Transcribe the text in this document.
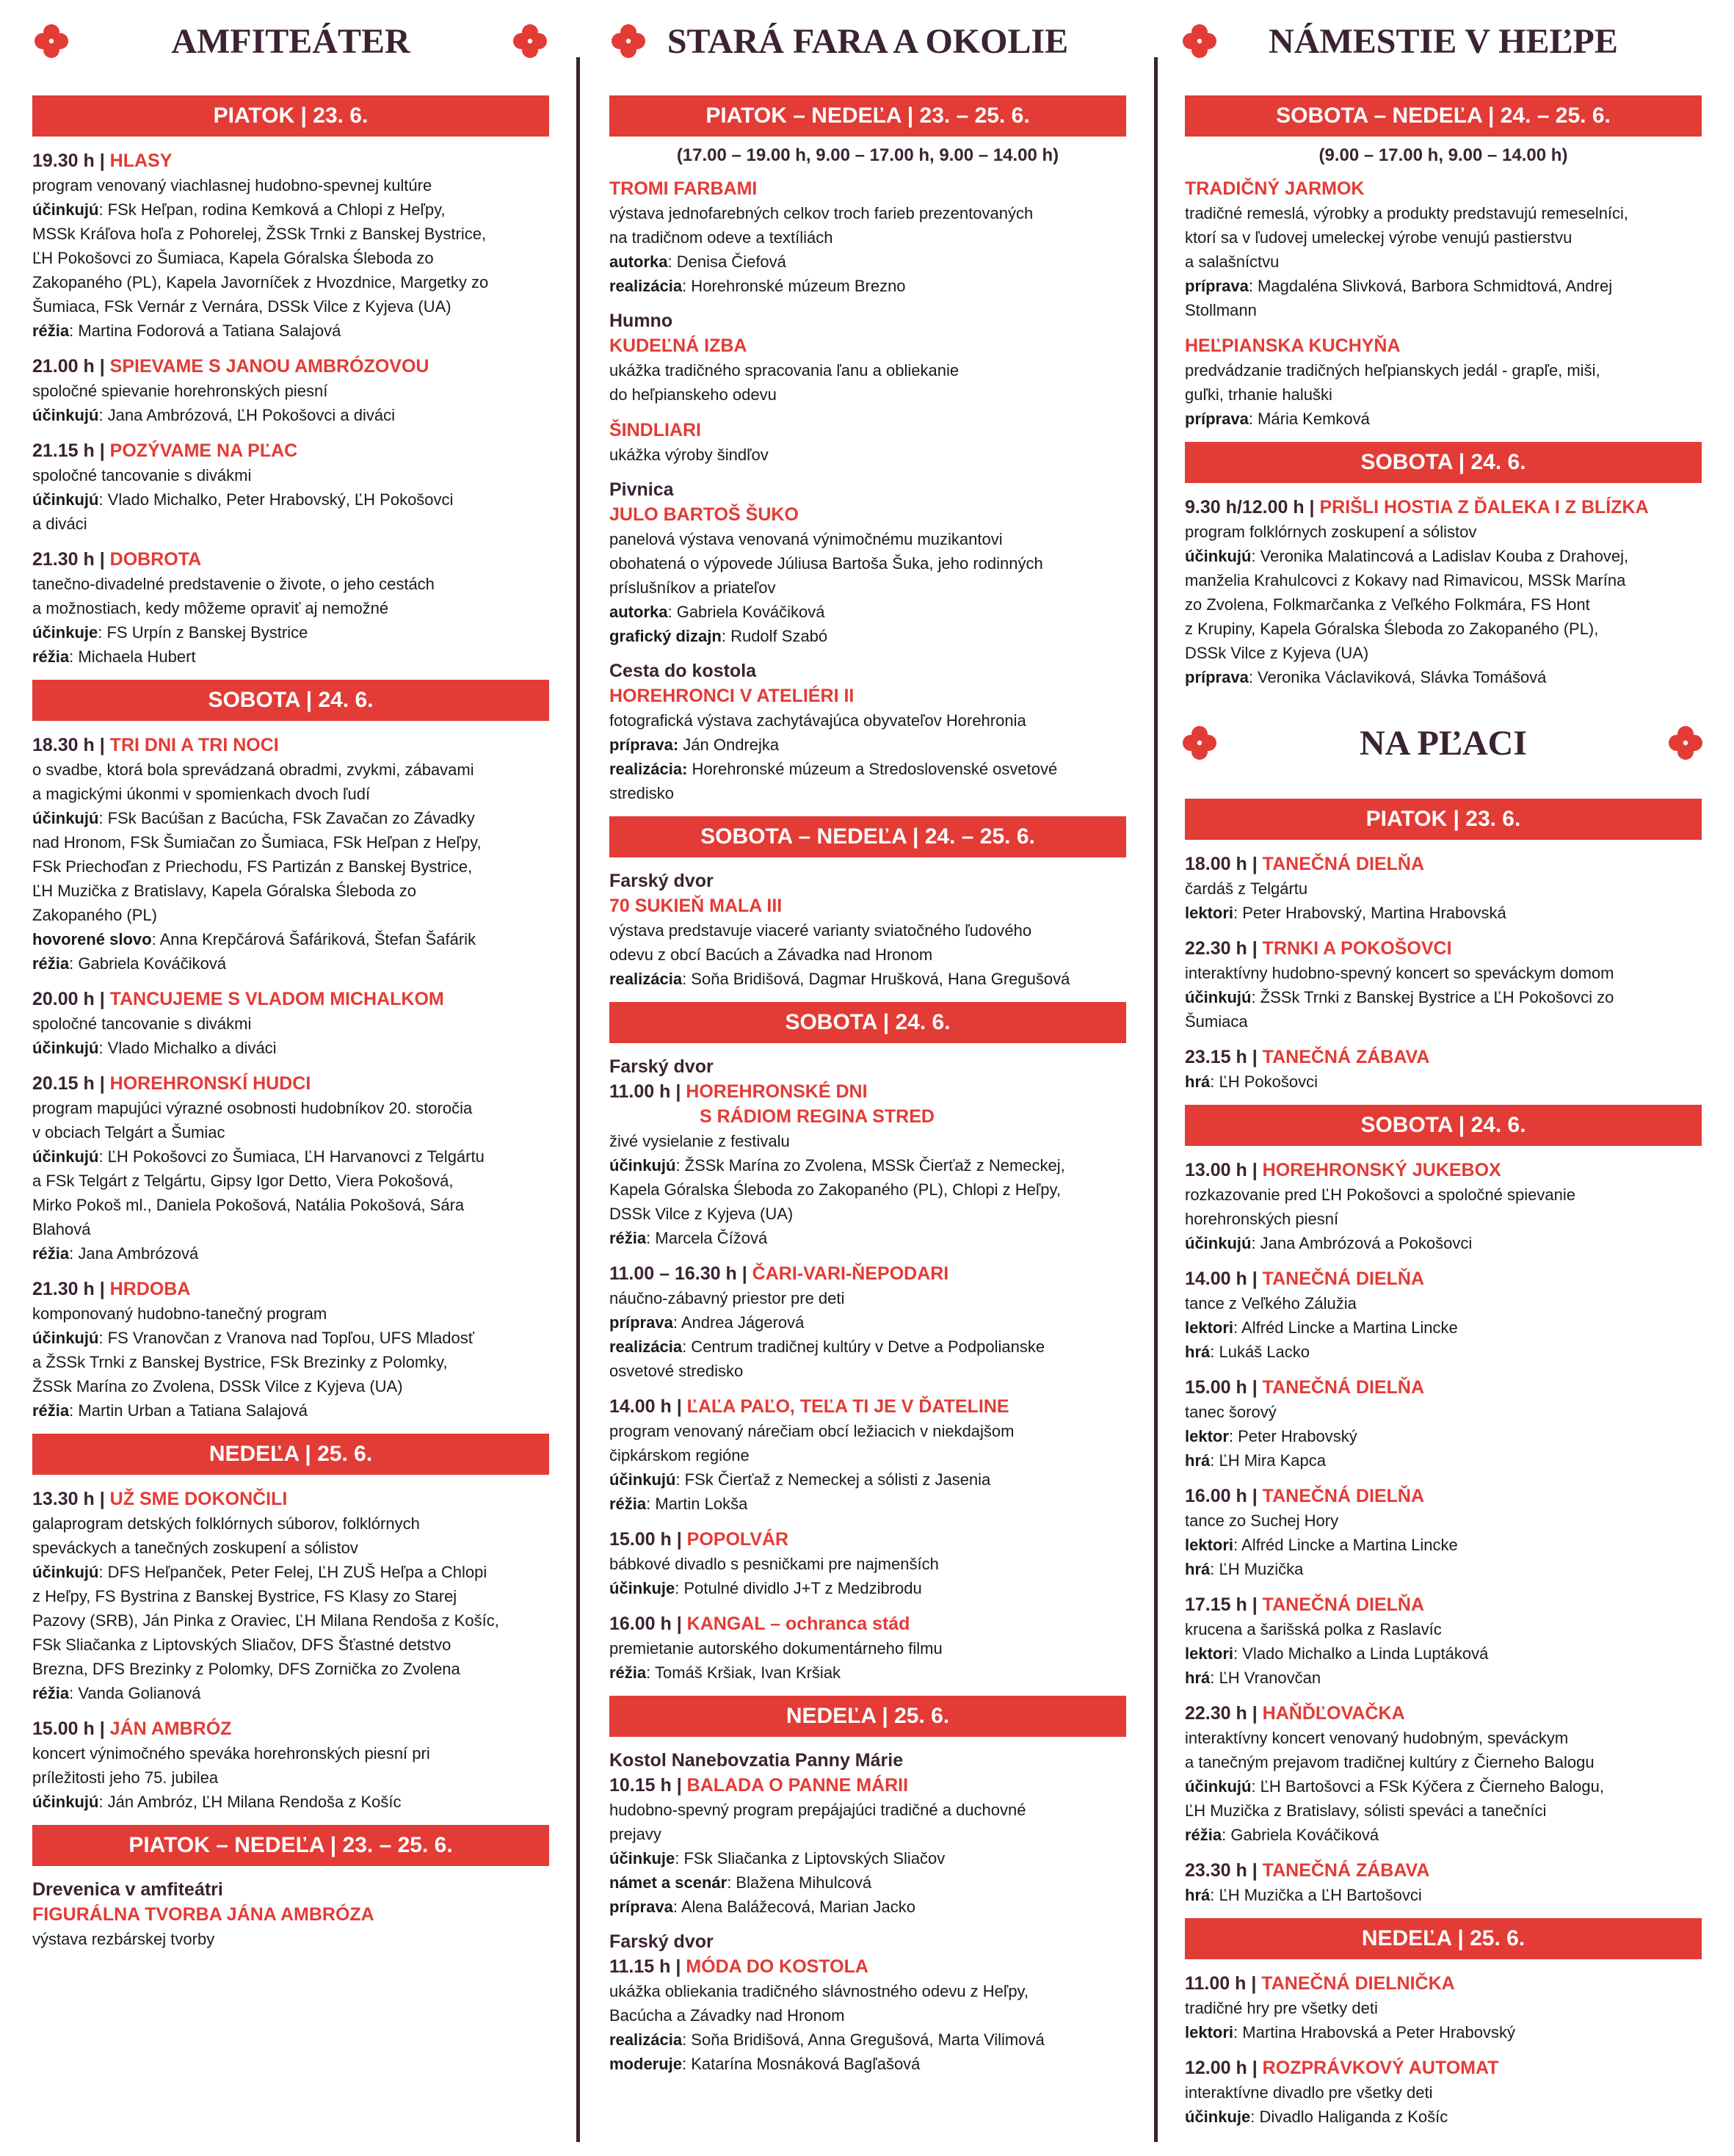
AMFITEÁTER
PIATOK | 23. 6.
19.30 h | HLASY
program venovaný viachlasnej hudobno-spevnej kultúre
účinkujú: FSk Heľpan, rodina Kemková a Chlopi z Heľpy,
MSSk Kráľova hoľa z Pohorelej, ŽSSk Trnki z Banskej Bystrice,
ĽH Pokošovci zo Šumiaca, Kapela Góralska Śleboda zo
Zakopaného (PL), Kapela Javorníček z Hvozdnice, Margetky zo
Šumiaca, FSk Vernár z Vernára, DSSk Vilce z Kyjeva (UA)
réžia: Martina Fodorová a Tatiana Salajová
21.00 h | SPIEVAME S JANOU AMBRÓZOVOU
spoločné spievanie horehronských piesní
účinkujú: Jana Ambrózová, ĽH Pokošovci a diváci
21.15 h | POZÝVAME NA PĽAC
spoločné tancovanie s divákmi
účinkujú: Vlado Michalko, Peter Hrabovský, ĽH Pokošovci
a diváci
21.30 h | DOBROTA
tanečno-divadelné predstavenie o živote, o jeho cestách
a možnostiach, kedy môžeme opraviť aj nemožné
účinkuje: FS Urpín z Banskej Bystrice
réžia: Michaela Hubert
SOBOTA | 24. 6.
18.30 h | TRI DNI A TRI NOCI
o svadbe, ktorá bola sprevádzaná obradmi, zvykmi, zábavami
a magickými úkonmi v spomienkach dvoch ľudí
účinkujú: FSk Bacúšan z Bacúcha, FSk Zavačan zo Závadky
nad Hronom, FSk Šumiačan zo Šumiaca, FSk Heľpan z Heľpy,
FSk Priechoďan z Priechodu, FS Partizán z Banskej Bystrice,
ĽH Muzička z Bratislavy, Kapela Góralska Śleboda zo
Zakopaného (PL)
hovorené slovo: Anna Krepčárová Šafáriková, Štefan Šafárik
réžia: Gabriela Kováčiková
20.00 h | TANCUJEME S VLADOM MICHALKOM
spoločné tancovanie s divákmi
účinkujú: Vlado Michalko a diváci
20.15 h | HOREHRONSKÍ HUDCI
program mapujúci výrazné osobnosti hudobníkov 20. storočia
v obciach Telgárt a Šumiac
účinkujú: ĽH Pokošovci zo Šumiaca, ĽH Harvanovci z Telgártu
a FSk Telgárt z Telgártu, Gipsy Igor Detto, Viera Pokošová,
Mirko Pokoš ml., Daniela Pokošová, Natália Pokošová, Sára
Blahová
réžia: Jana Ambrózová
21.30 h | HRDOBA
komponovaný hudobno-tanečný program
účinkujú: FS Vranovčan z Vranova nad Topľou, UFS Mladosť
a ŽSSk Trnki z Banskej Bystrice, FSk Brezinky z Polomky,
ŽSSk Marína zo Zvolena, DSSk Vilce z Kyjeva (UA)
réžia: Martin Urban a Tatiana Salajová
NEDEĽA | 25. 6.
13.30 h | UŽ SME DOKONČILI
galaprogram detských folklórnych súborov, folklórnych
speváckych a tanečných zoskupení a sólistov
účinkujú: DFS Heľpanček, Peter Felej, ĽH ZUŠ Heľpa a Chlopi
z Heľpy, FS Bystrina z Banskej Bystrice, FS Klasy zo Starej
Pazovy (SRB), Ján Pinka z Oraviec, ĽH Milana Rendoša z Košíc,
FSk Sliačanka z Liptovských Sliačov, DFS Šťastné detstvo
Brezna, DFS Brezinky z Polomky, DFS Zornička zo Zvolena
réžia: Vanda Golianová
15.00 h | JÁN AMBRÓZ
koncert výnimočného speváka horehronských piesní pri
príležitosti jeho 75. jubilea
účinkujú: Ján Ambróz, ĽH Milana Rendoša z Košíc
PIATOK – NEDEĽA | 23. – 25. 6.
Drevenica v amfiteátri
FIGURÁLNA TVORBA JÁNA AMBRÓZA
výstava rezbárskej tvorby
STARÁ FARA A OKOLIE
PIATOK – NEDEĽA | 23. – 25. 6.
(17.00 – 19.00 h, 9.00 – 17.00 h, 9.00 – 14.00 h)
TROMI FARBAMI
výstava jednofarebných celkov troch farieb prezentovaných
na tradičnom odeve a textíliách
autorka: Denisa Čiefová
realizácia: Horehronské múzeum Brezno
Humno
KUDEĽNÁ IZBA
ukážka tradičného spracovania ľanu a obliekanie
do heľpianskeho odevu
ŠINDLIARI
ukážka výroby šindľov
Pivnica
JULO BARTOŠ ŠUKO
panelová výstava venovaná výnimočnému muzikantovi
obohatená o výpovede Júliusa Bartoša Šuka, jeho rodinných
príslušníkov a priateľov
autorka: Gabriela Kováčiková
grafický dizajn: Rudolf Szabó
Cesta do kostola
HOREHRONCI V ATELIÉRI II
fotografická výstava zachytávajúca obyvateľov Horehronia
príprava: Ján Ondrejka
realizácia: Horehronské múzeum a Stredoslovenské osvetové
stredisko
SOBOTA – NEDEĽA | 24. – 25. 6.
Farský dvor
70 SUKIEŇ MALA III
výstava predstavuje viaceré varianty sviatočného ľudového
odevu z obcí Bacúch a Závadka nad Hronom
realizácia: Soňa Bridišová, Dagmar Hrušková, Hana Gregušová
SOBOTA | 24. 6.
Farský dvor
11.00 h | HOREHRONSKÉ DNI
S RÁDIOM REGINA STRED
živé vysielanie z festivalu
účinkujú: ŽSSk Marína zo Zvolena, MSSk Čierťaž z Nemeckej,
Kapela Góralska Śleboda zo Zakopaného (PL), Chlopi z Heľpy,
DSSk Vilce z Kyjeva (UA)
réžia: Marcela Čížová
11.00 – 16.30 h | ČARI-VARI-ŇEPODARI
náučno-zábavný priestor pre deti
príprava: Andrea Jágerová
realizácia: Centrum tradičnej kultúry v Detve a Podpolianske
osvetové stredisko
14.00 h | ĽAĽA PAĽO, TEĽA TI JE V ĎATELINE
program venovaný nárečiam obcí ležiacich v niekdajšom
čipkárskom regióne
účinkujú: FSk Čierťaž z Nemeckej a sólisti z Jasenia
réžia: Martin Lokša
15.00 h | POPOLVÁR
bábkové divadlo s pesničkami pre najmenších
účinkuje: Potulné dividlo J+T z Medzibrodu
16.00 h | KANGAL – ochranca stád
premietanie autorského dokumentárneho filmu
réžia: Tomáš Kršiak, Ivan Kršiak
NEDEĽA | 25. 6.
Kostol Nanebovzatia Panny Márie
10.15 h | BALADA O PANNE MÁRII
hudobno-spevný program prepájajúci tradičné a duchovné
prejavy
účinkuje: FSk Sliačanka z Liptovských Sliačov
námet a scenár: Blažena Mihulcová
príprava: Alena Balážecová, Marian Jacko
Farský dvor
11.15 h | MÓDA DO KOSTOLA
ukážka obliekania tradičného slávnostného odevu z Heľpy,
Bacúcha a Závadky nad Hronom
realizácia: Soňa Bridišová, Anna Gregušová, Marta Vilimová
moderuje: Katarína Mosnáková Bagľašová
NÁMESTIE V HEĽPE
SOBOTA – NEDEĽA | 24. – 25. 6.
(9.00 – 17.00 h, 9.00 – 14.00 h)
TRADIČNÝ JARMOK
tradičné remeslá, výrobky a produkty predstavujú remeselníci,
ktorí sa v ľudovej umeleckej výrobe venujú pastierstvu
a salašníctvu
príprava: Magdaléna Slivková, Barbora Schmidtová, Andrej
Stollmann
HEĽPIANSKA KUCHYŇA
predvádzanie tradičných heľpianskych jedál - grapľe, miši,
guľki, trhanie haluški
príprava: Mária Kemková
SOBOTA | 24. 6.
9.30 h/12.00 h | PRIŠLI HOSTIA Z ĎALEKA I Z BLÍZKA
program folklórnych zoskupení a sólistov
účinkujú: Veronika Malatincová a Ladislav Kouba z Drahovej,
manželia Krahulcovci z Kokavy nad Rimavicou, MSSk Marína
zo Zvolena, Folkmarčanka z Veľkého Folkmára, FS Hont
z Krupiny, Kapela Góralska Śleboda zo Zakopaného (PL),
DSSk Vilce z Kyjeva (UA)
príprava: Veronika Václaviková, Slávka Tomášová
NA PĽACI
PIATOK | 23. 6.
18.00 h | TANEČNÁ DIELŇA
čardáš z Telgártu
lektori: Peter Hrabovský, Martina Hrabovská
22.30 h | TRNKI A POKOŠOVCI
interaktívny hudobno-spevný koncert so speváckym domom
účinkujú: ŽSSk Trnki z Banskej Bystrice a ĽH Pokošovci zo
Šumiaca
23.15 h | TANEČNÁ ZÁBAVA
hrá: ĽH Pokošovci
SOBOTA | 24. 6.
13.00 h | HOREHRONSKÝ JUKEBOX
rozkazovanie pred ĽH Pokošovci a spoločné spievanie
horehronských piesní
účinkujú: Jana Ambrózová a Pokošovci
14.00 h | TANEČNÁ DIELŇA
tance z Veľkého Zálužia
lektori: Alfréd Lincke a Martina Lincke
hrá: Lukáš Lacko
15.00 h | TANEČNÁ DIELŇA
tanec šorový
lektor: Peter Hrabovský
hrá: ĽH Mira Kapca
16.00 h | TANEČNÁ DIELŇA
tance zo Suchej Hory
lektori: Alfréd Lincke a Martina Lincke
hrá: ĽH Muzička
17.15 h | TANEČNÁ DIELŇA
krucena a šarišská polka z Raslavíc
lektori: Vlado Michalko a Linda Luptáková
hrá: ĽH Vranovčan
22.30 h | HAŇĎĽOVAČKA
interaktívny koncert venovaný hudobným, speváckym
a tanečným prejavom tradičnej kultúry z Čierneho Balogu
účinkujú: ĽH Bartošovci a FSk Kýčera z Čierneho Balogu,
ĽH Muzička z Bratislavy, sólisti speváci a tanečníci
réžia: Gabriela Kováčiková
23.30 h | TANEČNÁ ZÁBAVA
hrá: ĽH Muzička a ĽH Bartošovci
NEDEĽA | 25. 6.
11.00 h | TANEČNÁ DIELNIČKA
tradičné hry pre všetky deti
lektori: Martina Hrabovská a Peter Hrabovský
12.00 h | ROZPRÁVKOVÝ AUTOMAT
interaktívne divadlo pre všetky deti
účinkuje: Divadlo Haliganda z Košíc
